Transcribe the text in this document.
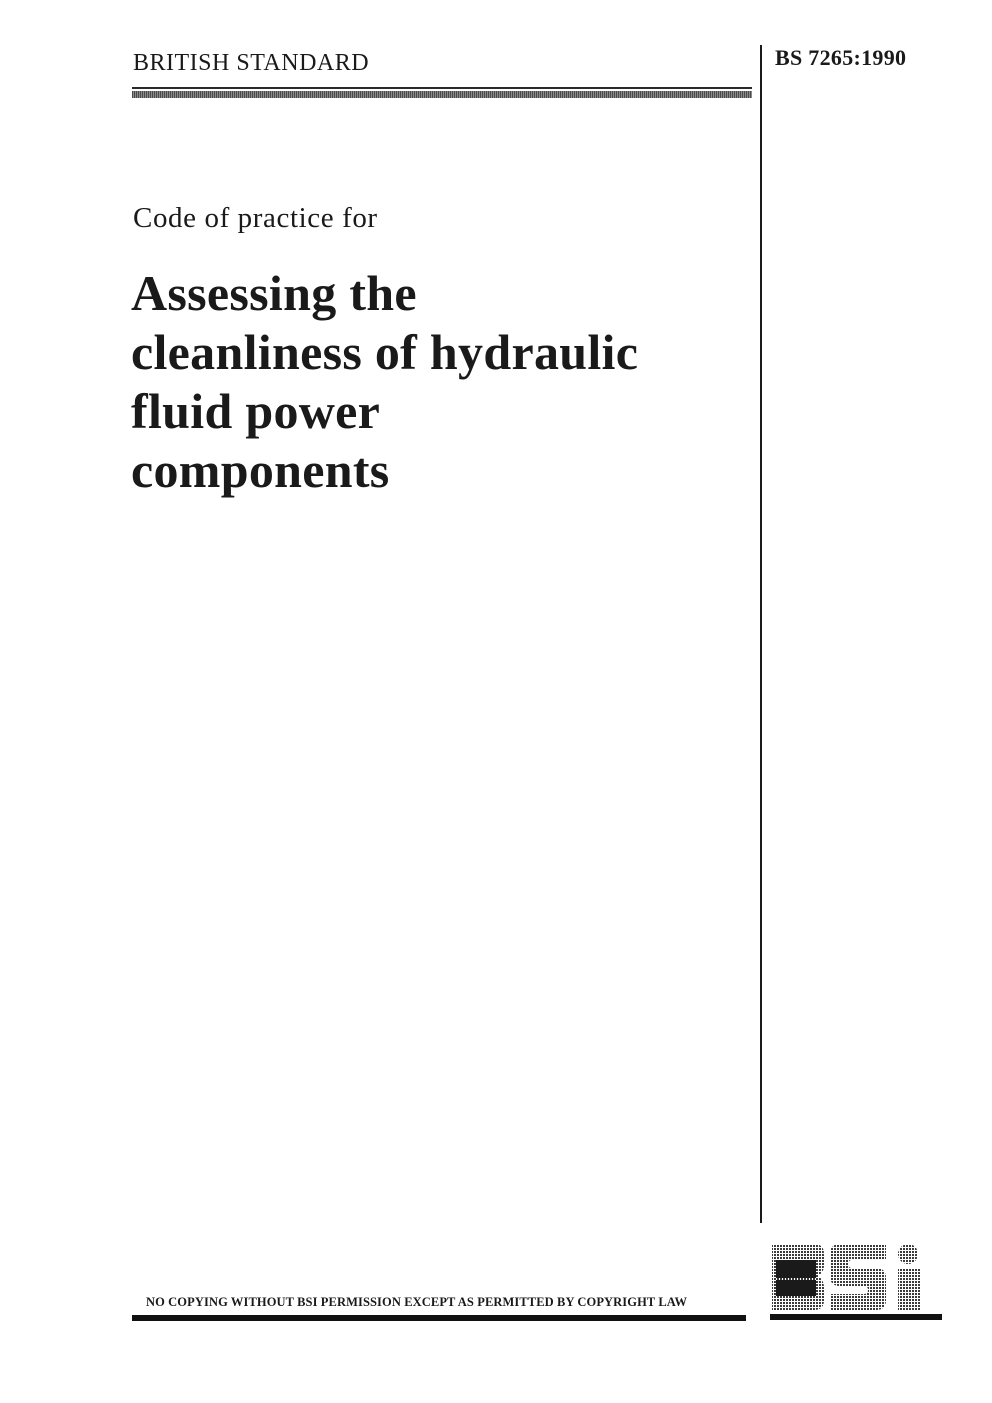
BRITISH STANDARD	BS 7265:1990
Code of practice for
Assessing the
cleanliness of hydraulic
fluid power
components
NO COPYING WITHOUT BSI PERMISSION EXCEPT AS PERMITTED BY COPYRIGHT LAW
